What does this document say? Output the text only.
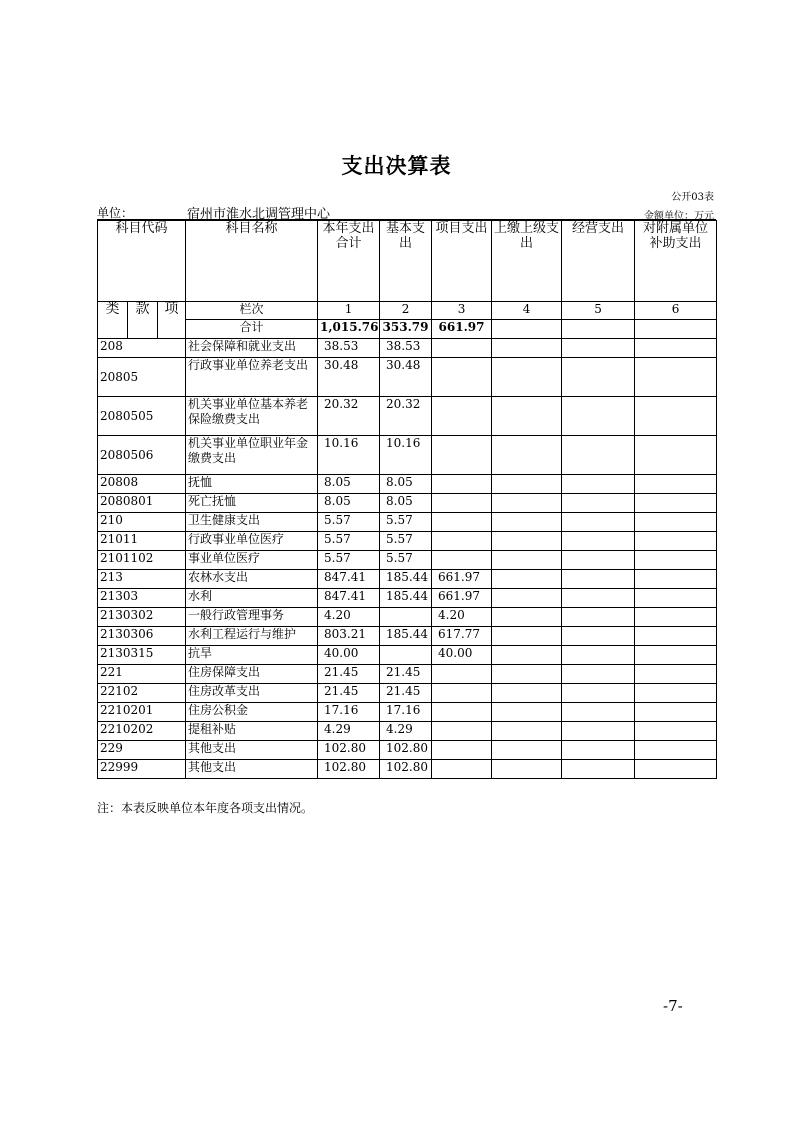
支出决算表
公开03表
单位：	宿州市淮水北调管理中心	金额单位：万元
科目代码			科目名称	本年支出合计	基本支出	项目支出	上缴上级支出	经营支出	对附属单位补助支出
类	款	项	栏次	1	2	3	4	5	6
			合计	1,015.76	353.79	661.97			
208			社会保障和就业支出	38.53	38.53				
20805			行政事业单位养老支出	30.48	30.48				
2080505			机关事业单位基本养老保险缴费支出	20.32	20.32				
2080506			机关事业单位职业年金缴费支出	10.16	10.16				
20808			抚恤	8.05	8.05				
2080801			死亡抚恤	8.05	8.05				
210			卫生健康支出	5.57	5.57				
21011			行政事业单位医疗	5.57	5.57				
2101102			事业单位医疗	5.57	5.57				
213			农林水支出	847.41	185.44	661.97			
21303			水利	847.41	185.44	661.97			
2130302			一般行政管理事务	4.20		4.20			
2130306			水利工程运行与维护	803.21	185.44	617.77			
2130315			抗旱	40.00		40.00			
221			住房保障支出	21.45	21.45				
22102			住房改革支出	21.45	21.45				
2210201			住房公积金	17.16	17.16				
2210202			提租补贴	4.29	4.29				
229			其他支出	102.80	102.80				
22999			其他支出	102.80	102.80				
注：本表反映单位本年度各项支出情况。
-7-
